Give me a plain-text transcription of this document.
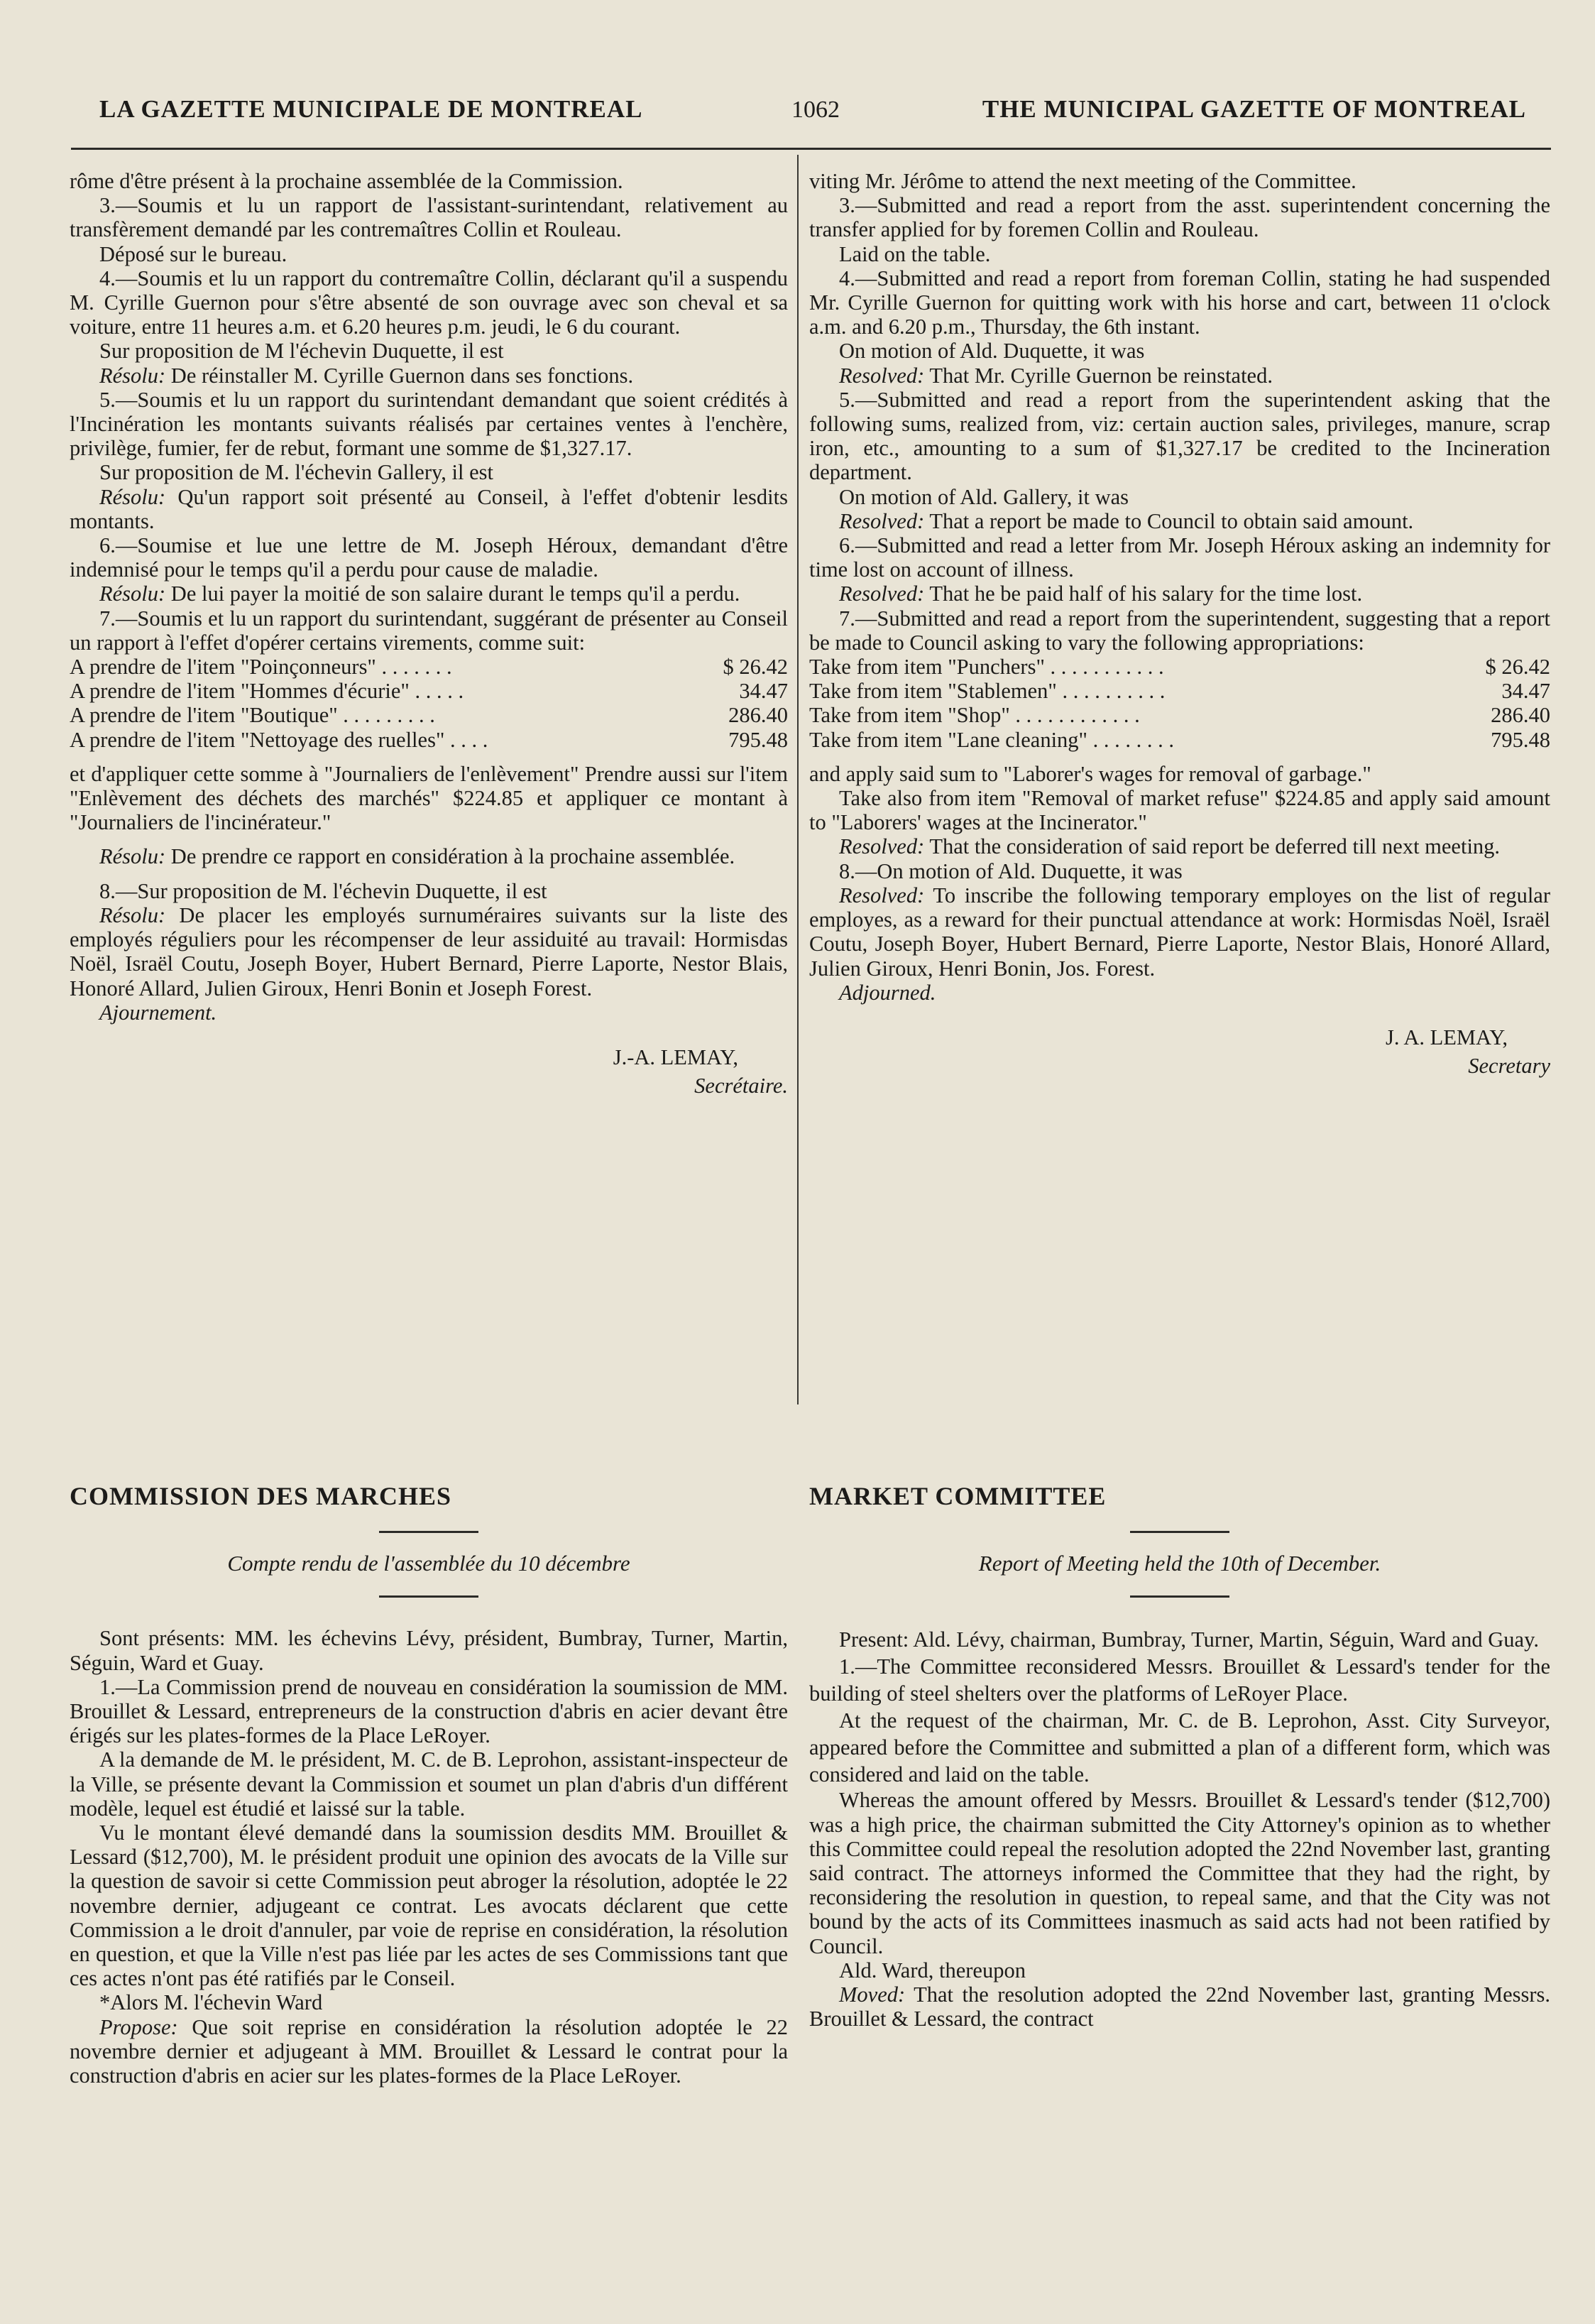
LA GAZETTE MUNICIPALE DE MONTREAL	1062	THE MUNICIPAL GAZETTE OF MONTREAL

rôme d'être présent à la prochaine assemblée de la Commission.

3.—Soumis et lu un rapport de l'assistant-surintendant, relativement au transfèrement demandé par les contremaîtres Collin et Rouleau.

Déposé sur le bureau.

4.—Soumis et lu un rapport du contremaître Collin, déclarant qu'il a suspendu M. Cyrille Guernon pour s'être absenté de son ouvrage avec son cheval et sa voiture, entre 11 heures a.m. et 6.20 heures p.m. jeudi, le 6 du courant.

Sur proposition de M l'échevin Duquette, il est

Résolu: De réinstaller M. Cyrille Guernon dans ses fonctions.

5.—Soumis et lu un rapport du surintendant demandant que soient crédités à l'Incinération les montants suivants réalisés par certaines ventes à l'enchère, privilège, fumier, fer de rebut, formant une somme de $1,327.17.

Sur proposition de M. l'échevin Gallery, il est

Résolu: Qu'un rapport soit présenté au Conseil, à l'effet d'obtenir lesdits montants.

6.—Soumise et lue une lettre de M. Joseph Héroux, demandant d'être indemnisé pour le temps qu'il a perdu pour cause de maladie.

Résolu: De lui payer la moitié de son salaire durant le temps qu'il a perdu.

7.—Soumis et lu un rapport du surintendant, suggérant de présenter au Conseil un rapport à l'effet d'opérer certains virements, comme suit:

A prendre de l'item "Poinçonneurs" . . . . . . .	$ 26.42
A prendre de l'item "Hommes d'écurie" . . . . .	34.47
A prendre de l'item "Boutique" . . . . . . . . .	286.40
A prendre de l'item "Nettoyage des ruelles" . . . .	795.48

et d'appliquer cette somme à "Journaliers de l'enlèvement" Prendre aussi sur l'item "Enlèvement des déchets des marchés" $224.85 et appliquer ce montant à "Journaliers de l'incinérateur."

Résolu: De prendre ce rapport en considération à la prochaine assemblée.

8.—Sur proposition de M. l'échevin Duquette, il est

Résolu: De placer les employés surnuméraires suivants sur la liste des employés réguliers pour les récompenser de leur assiduité au travail: Hormisdas Noël, Israël Coutu, Joseph Boyer, Hubert Bernard, Pierre Laporte, Nestor Blais, Honoré Allard, Julien Giroux, Henri Bonin et Joseph Forest.

Ajournement.

J.-A. LEMAY,
Secrétaire.

viting Mr. Jérôme to attend the next meeting of the Committee.

3.—Submitted and read a report from the asst. superintendent concerning the transfer applied for by foremen Collin and Rouleau.

Laid on the table.

4.—Submitted and read a report from foreman Collin, stating he had suspended Mr. Cyrille Guernon for quitting work with his horse and cart, between 11 o'clock a.m. and 6.20 p.m., Thursday, the 6th instant.

On motion of Ald. Duquette, it was

Resolved: That Mr. Cyrille Guernon be reinstated.

5.—Submitted and read a report from the superintendent asking that the following sums, realized from, viz: certain auction sales, privileges, manure, scrap iron, etc., amounting to a sum of $1,327.17 be credited to the Incineration department.

On motion of Ald. Gallery, it was

Resolved: That a report be made to Council to obtain said amount.

6.—Submitted and read a letter from Mr. Joseph Héroux asking an indemnity for time lost on account of illness.

Resolved: That he be paid half of his salary for the time lost.

7.—Submitted and read a report from the superintendent, suggesting that a report be made to Council asking to vary the following appropriations:

Take from item "Punchers" . . . . . . . . . . .	$ 26.42
Take from item "Stablemen" . . . . . . . . . .	34.47
Take from item "Shop" . . . . . . . . . . . .	286.40
Take from item "Lane cleaning" . . . . . . . .	795.48

and apply said sum to "Laborer's wages for removal of garbage."

Take also from item "Removal of market refuse" $224.85 and apply said amount to "Laborers' wages at the Incinerator."

Resolved: That the consideration of said report be deferred till next meeting.

8.—On motion of Ald. Duquette, it was

Resolved: To inscribe the following temporary employes on the list of regular employes, as a reward for their punctual attendance at work: Hormisdas Noël, Israël Coutu, Joseph Boyer, Hubert Bernard, Pierre Laporte, Nestor Blais, Honoré Allard, Julien Giroux, Henri Bonin, Jos. Forest.

Adjourned.

J. A. LEMAY,
Secretary

COMMISSION DES MARCHES

Compte rendu de l'assemblée du 10 décembre

Sont présents: MM. les échevins Lévy, président, Bumbray, Turner, Martin, Séguin, Ward et Guay.

1.—La Commission prend de nouveau en considération la soumission de MM. Brouillet & Lessard, entrepreneurs de la construction d'abris en acier devant être érigés sur les plates-formes de la Place LeRoyer.

A la demande de M. le président, M. C. de B. Leprohon, assistant-inspecteur de la Ville, se présente devant la Commission et soumet un plan d'abris d'un différent modèle, lequel est étudié et laissé sur la table.

Vu le montant élevé demandé dans la soumission desdits MM. Brouillet & Lessard ($12,700), M. le président produit une opinion des avocats de la Ville sur la question de savoir si cette Commission peut abroger la résolution, adoptée le 22 novembre dernier, adjugeant ce contrat. Les avocats déclarent que cette Commission a le droit d'annuler, par voie de reprise en considération, la résolution en question, et que la Ville n'est pas liée par les actes de ses Commissions tant que ces actes n'ont pas été ratifiés par le Conseil.

*Alors M. l'échevin Ward

Propose: Que soit reprise en considération la résolution adoptée le 22 novembre dernier et adjugeant à MM. Brouillet & Lessard le contrat pour la construction d'abris en acier sur les plates-formes de la Place LeRoyer.

MARKET COMMITTEE

Report of Meeting held the 10th of December.

Present: Ald. Lévy, chairman, Bumbray, Turner, Martin, Séguin, Ward and Guay.

1.—The Committee reconsidered Messrs. Brouillet & Lessard's tender for the building of steel shelters over the platforms of LeRoyer Place.

At the request of the chairman, Mr. C. de B. Leprohon, Asst. City Surveyor, appeared before the Committee and submitted a plan of a different form, which was considered and laid on the table.

Whereas the amount offered by Messrs. Brouillet & Lessard's tender ($12,700) was a high price, the chairman submitted the City Attorney's opinion as to whether this Committee could repeal the resolution adopted the 22nd November last, granting said contract. The attorneys informed the Committee that they had the right, by reconsidering the resolution in question, to repeal same, and that the City was not bound by the acts of its Committees inasmuch as said acts had not been ratified by Council.

Ald. Ward, thereupon

Moved: That the resolution adopted the 22nd November last, granting Messrs. Brouillet & Lessard, the contract
